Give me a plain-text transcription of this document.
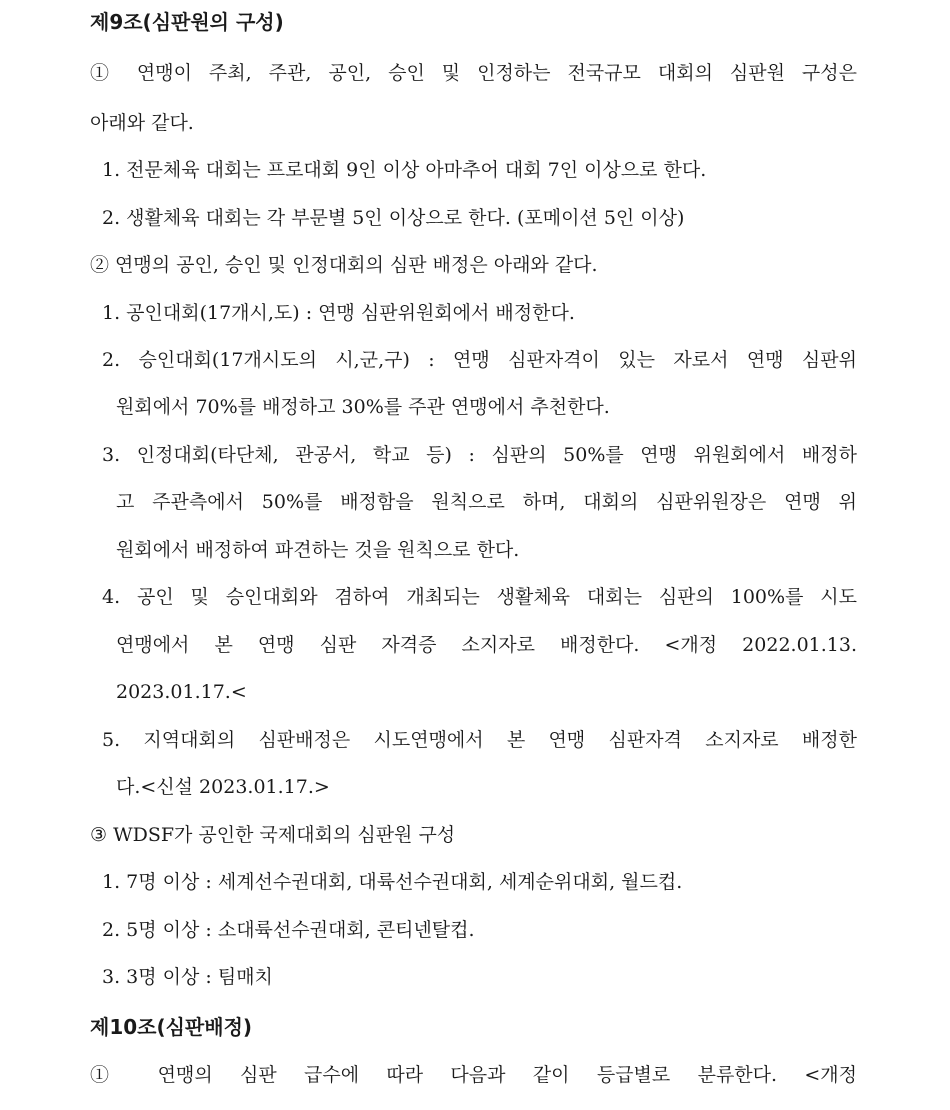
제9조(심판원의 구성)
① 연맹이 주최, 주관, 공인, 승인 및 인정하는 전국규모 대회의 심판원 구성은
아래와 같다.
1. 전문체육 대회는 프로대회 9인 이상 아마추어 대회 7인 이상으로 한다.
2. 생활체육 대회는 각 부문별 5인 이상으로 한다. (포메이션 5인 이상)
② 연맹의 공인, 승인 및 인정대회의 심판 배정은 아래와 같다.
1. 공인대회(17개시,도) : 연맹 심판위원회에서 배정한다.
2. 승인대회(17개시도의 시,군,구) : 연맹 심판자격이 있는 자로서 연맹 심판위
원회에서 70%를 배정하고 30%를 주관 연맹에서 추천한다.
3. 인정대회(타단체, 관공서, 학교 등) : 심판의 50%를 연맹 위원회에서 배정하
고 주관측에서 50%를 배정함을 원칙으로 하며, 대회의 심판위원장은 연맹 위
원회에서 배정하여 파견하는 것을 원칙으로 한다.
4. 공인 및 승인대회와 겸하여 개최되는 생활체육 대회는 심판의 100%를 시도
연맹에서 본 연맹 심판 자격증 소지자로 배정한다. <개정 2022.01.13.
2023.01.17.<
5. 지역대회의 심판배정은 시도연맹에서 본 연맹 심판자격 소지자로 배정한
다.<신설 2023.01.17.>
③ WDSF가 공인한 국제대회의 심판원 구성
1. 7명 이상 : 세계선수권대회, 대륙선수권대회, 세계순위대회, 월드컵.
2. 5명 이상 : 소대륙선수권대회, 콘티넨탈컵.
3. 3명 이상 : 팀매치
제10조(심판배정)
① 연맹의 심판 급수에 따라 다음과 같이 등급별로 분류한다. <개정
